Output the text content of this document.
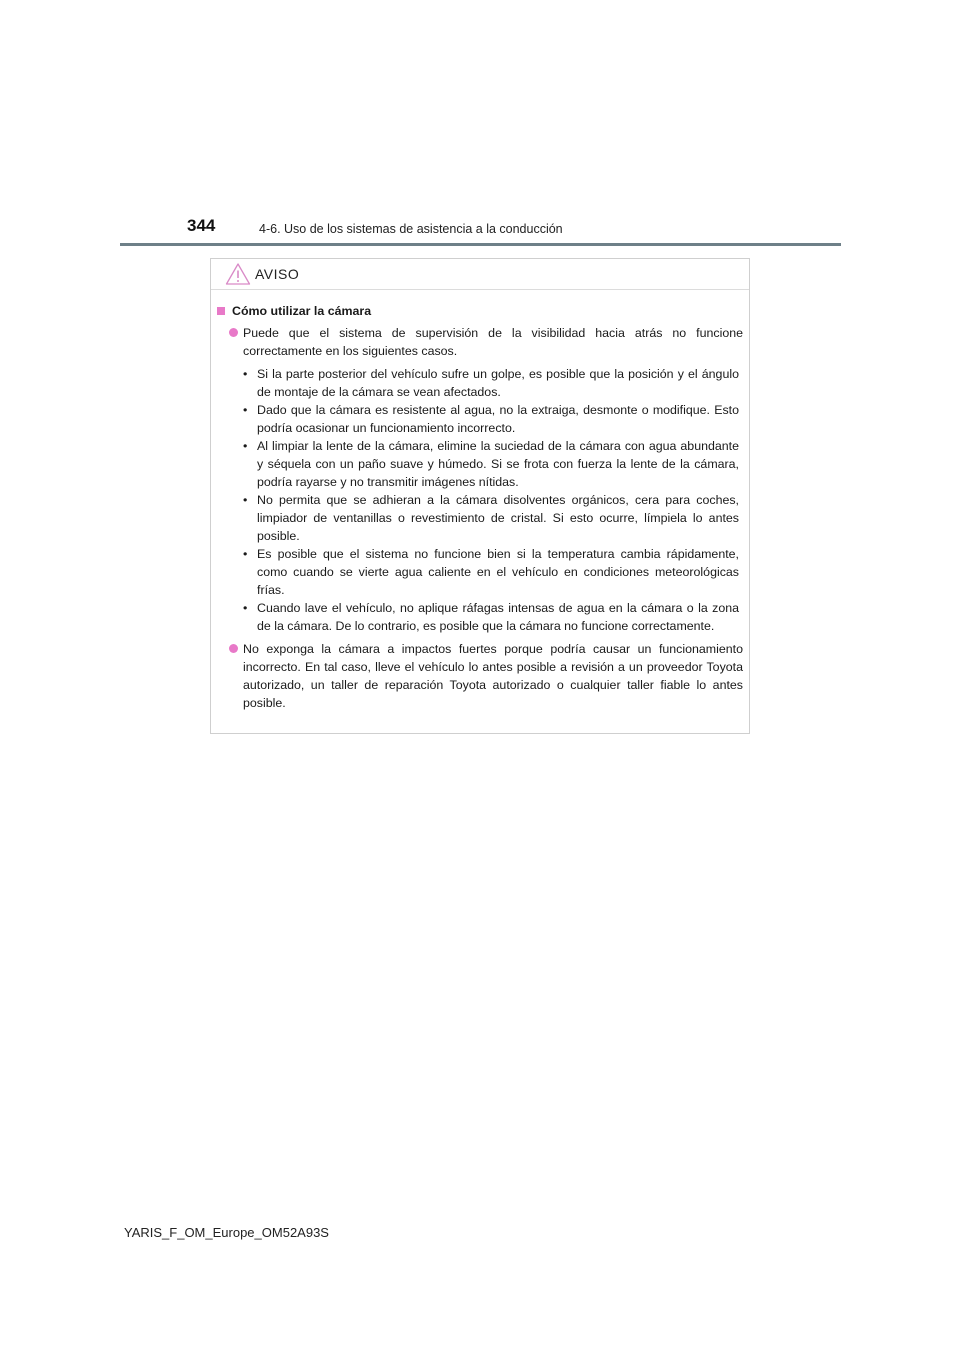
344	4-6. Uso de los sistemas de asistencia a la conducción
AVISO
Cómo utilizar la cámara
Puede que el sistema de supervisión de la visibilidad hacia atrás no funcione correctamente en los siguientes casos.
• Si la parte posterior del vehículo sufre un golpe, es posible que la posición y el ángulo de montaje de la cámara se vean afectados.
• Dado que la cámara es resistente al agua, no la extraiga, desmonte o modifique. Esto podría ocasionar un funcionamiento incorrecto.
• Al limpiar la lente de la cámara, elimine la suciedad de la cámara con agua abundante y séquela con un paño suave y húmedo. Si se frota con fuerza la lente de la cámara, podría rayarse y no transmitir imágenes nítidas.
• No permita que se adhieran a la cámara disolventes orgánicos, cera para coches, limpiador de ventanillas o revestimiento de cristal. Si esto ocurre, límpiela lo antes posible.
• Es posible que el sistema no funcione bien si la temperatura cambia rápidamente, como cuando se vierte agua caliente en el vehículo en condiciones meteorológicas frías.
• Cuando lave el vehículo, no aplique ráfagas intensas de agua en la cámara o la zona de la cámara. De lo contrario, es posible que la cámara no funcione correctamente.
No exponga la cámara a impactos fuertes porque podría causar un funcionamiento incorrecto. En tal caso, lleve el vehículo lo antes posible a revisión a un proveedor Toyota autorizado, un taller de reparación Toyota autorizado o cualquier taller fiable lo antes posible.
YARIS_F_OM_Europe_OM52A93S
